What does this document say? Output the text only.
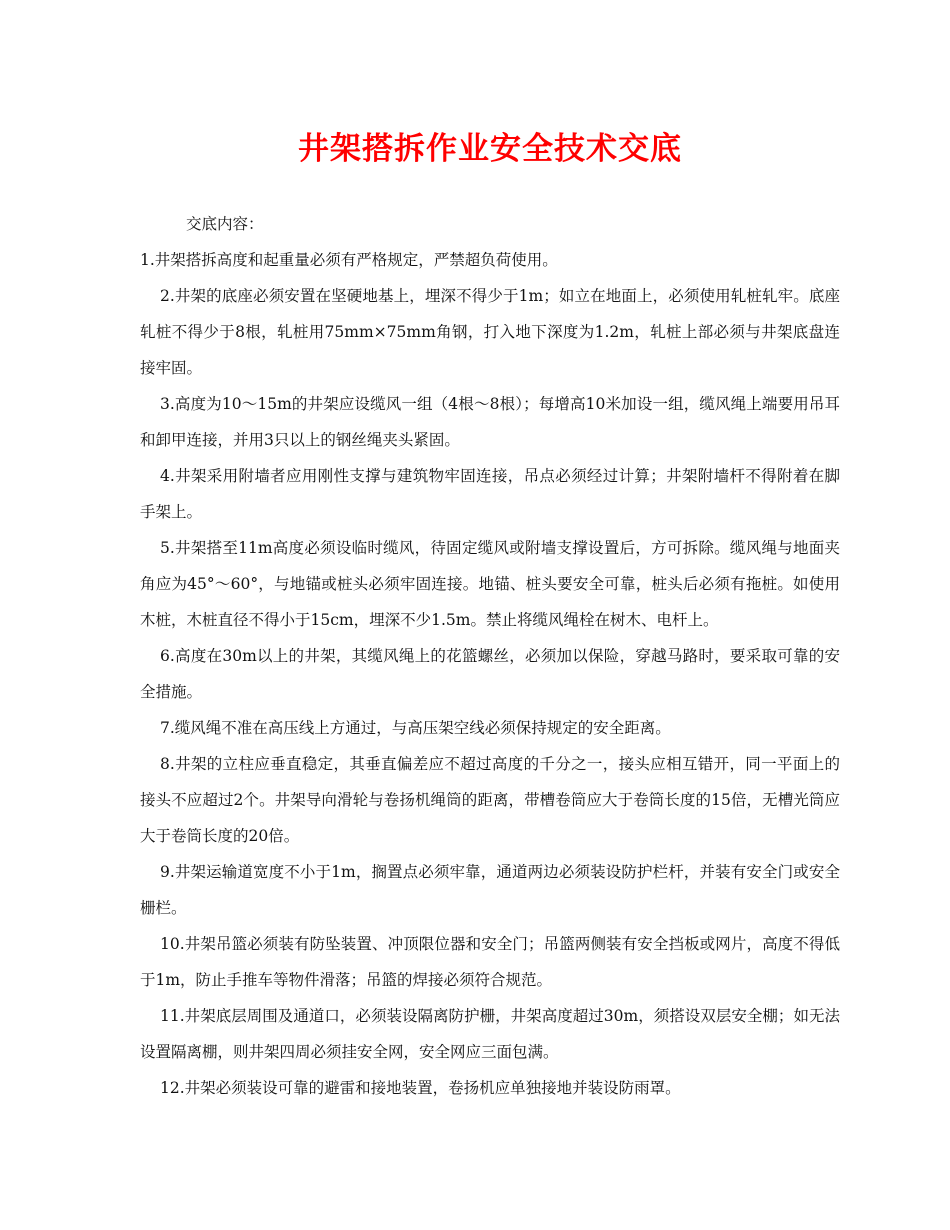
井架搭拆作业安全技术交底

交底内容：

1.井架搭拆高度和起重量必须有严格规定，严禁超负荷使用。

2.井架的底座必须安置在坚硬地基上，埋深不得少于1m；如立在地面上，必须使用轧桩轧牢。底座轧桩不得少于8根，轧桩用75mm×75mm角钢，打入地下深度为1.2m，轧桩上部必须与井架底盘连接牢固。

3.高度为10～15m的井架应设缆风一组（4根～8根）；每增高10米加设一组，缆风绳上端要用吊耳和卸甲连接，并用3只以上的钢丝绳夹头紧固。

4.井架采用附墙者应用刚性支撑与建筑物牢固连接，吊点必须经过计算；井架附墙杆不得附着在脚手架上。

5.井架搭至11m高度必须设临时缆风，待固定缆风或附墙支撑设置后，方可拆除。缆风绳与地面夹角应为45°～60°，与地锚或桩头必须牢固连接。地锚、桩头要安全可靠，桩头后必须有拖桩。如使用木桩，木桩直径不得小于15cm，埋深不少1.5m。禁止将缆风绳栓在树木、电杆上。

6.高度在30m以上的井架，其缆风绳上的花篮螺丝，必须加以保险，穿越马路时，要采取可靠的安全措施。

7.缆风绳不准在高压线上方通过，与高压架空线必须保持规定的安全距离。

8.井架的立柱应垂直稳定，其垂直偏差应不超过高度的千分之一，接头应相互错开，同一平面上的接头不应超过2个。井架导向滑轮与卷扬机绳筒的距离，带槽卷筒应大于卷筒长度的15倍，无槽光筒应大于卷筒长度的20倍。

9.井架运输道宽度不小于1m，搁置点必须牢靠，通道两边必须装设防护栏杆，并装有安全门或安全栅栏。

10.井架吊篮必须装有防坠装置、冲顶限位器和安全门；吊篮两侧装有安全挡板或网片，高度不得低于1m，防止手推车等物件滑落；吊篮的焊接必须符合规范。

11.井架底层周围及通道口，必须装设隔离防护栅，井架高度超过30m，须搭设双层安全棚；如无法设置隔离棚，则井架四周必须挂安全网，安全网应三面包满。

12.井架必须装设可靠的避雷和接地装置，卷扬机应单独接地并装设防雨罩。
